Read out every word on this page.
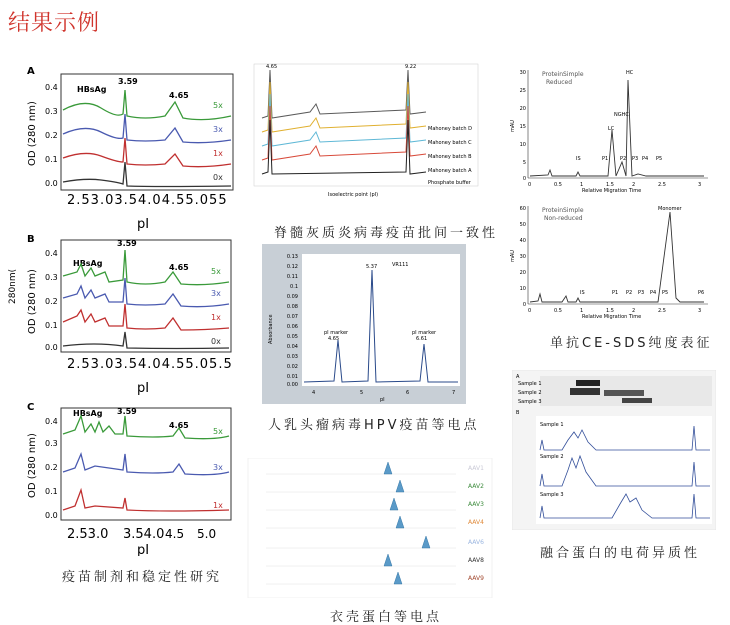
结果示例
A
OD (280 nm)
0.0
0.1
0.2
0.3
0.4 HBsAg
3.59
4.65
5x
3x
1x
0x
2.53.03.54.04.55.055
pI
B
280nm( OD (280 nm)
0.0
0.1
0.2
0.3
0.4
HBsAg
3.59
4.65	5x
3x
1x
0x
2.53.03.54.04.55.05.5
pI
C
OD (280 nm)
0.0
0.1
0.2
0.3
0.4
HBsAg 3.59
4.65
5x
3x
1x
2.53.0 3.54.0 4.5 5.0
pI
疫苗制剂和稳定性研究
4.65	9.22
Mahoney batch D
Mahoney batch C
Mahoney batch B
Mahoney batch A
Phosphate buffer
Isoelectric point (pI)
脊髓灰质炎病毒疫苗批间一致性
Absorbance
0.13
0.12
0.11
0.1
0.09
0.08
0.07
0.06
0.05
0.04
0.03
0.02
0.01
0.00
4	5	6	7
pI
5.37	VR111
pI marker
4.65
pI marker
6.61
人乳头瘤病毒HPV疫苗等电点
AAV1
AAV2
AAV3
AAV4
AAV6
AAV8
AAV9
衣壳蛋白等电点
ProteinSimple
Reduced
mAU
30
25
20
15
10
5
0
0	0.5	1	1.5	2	2.5	3
Relative Migration Time
IS	P1
LC
NGHC
P2 P3 P4
HC
P5
ProteinSimple
Non-reduced
mAU
60
50
40
30
20
10
0
0	0.5	1	1.5	2	2.5	3
Relative Migration Time
Monomer
IS	P1 P2 P3 P4 P5	P6
单抗CE-SDS纯度表征
A
Sample 1
Sample 2
Sample 3
B
Sample 1
Sample 2
Sample 3
融合蛋白的电荷异质性
